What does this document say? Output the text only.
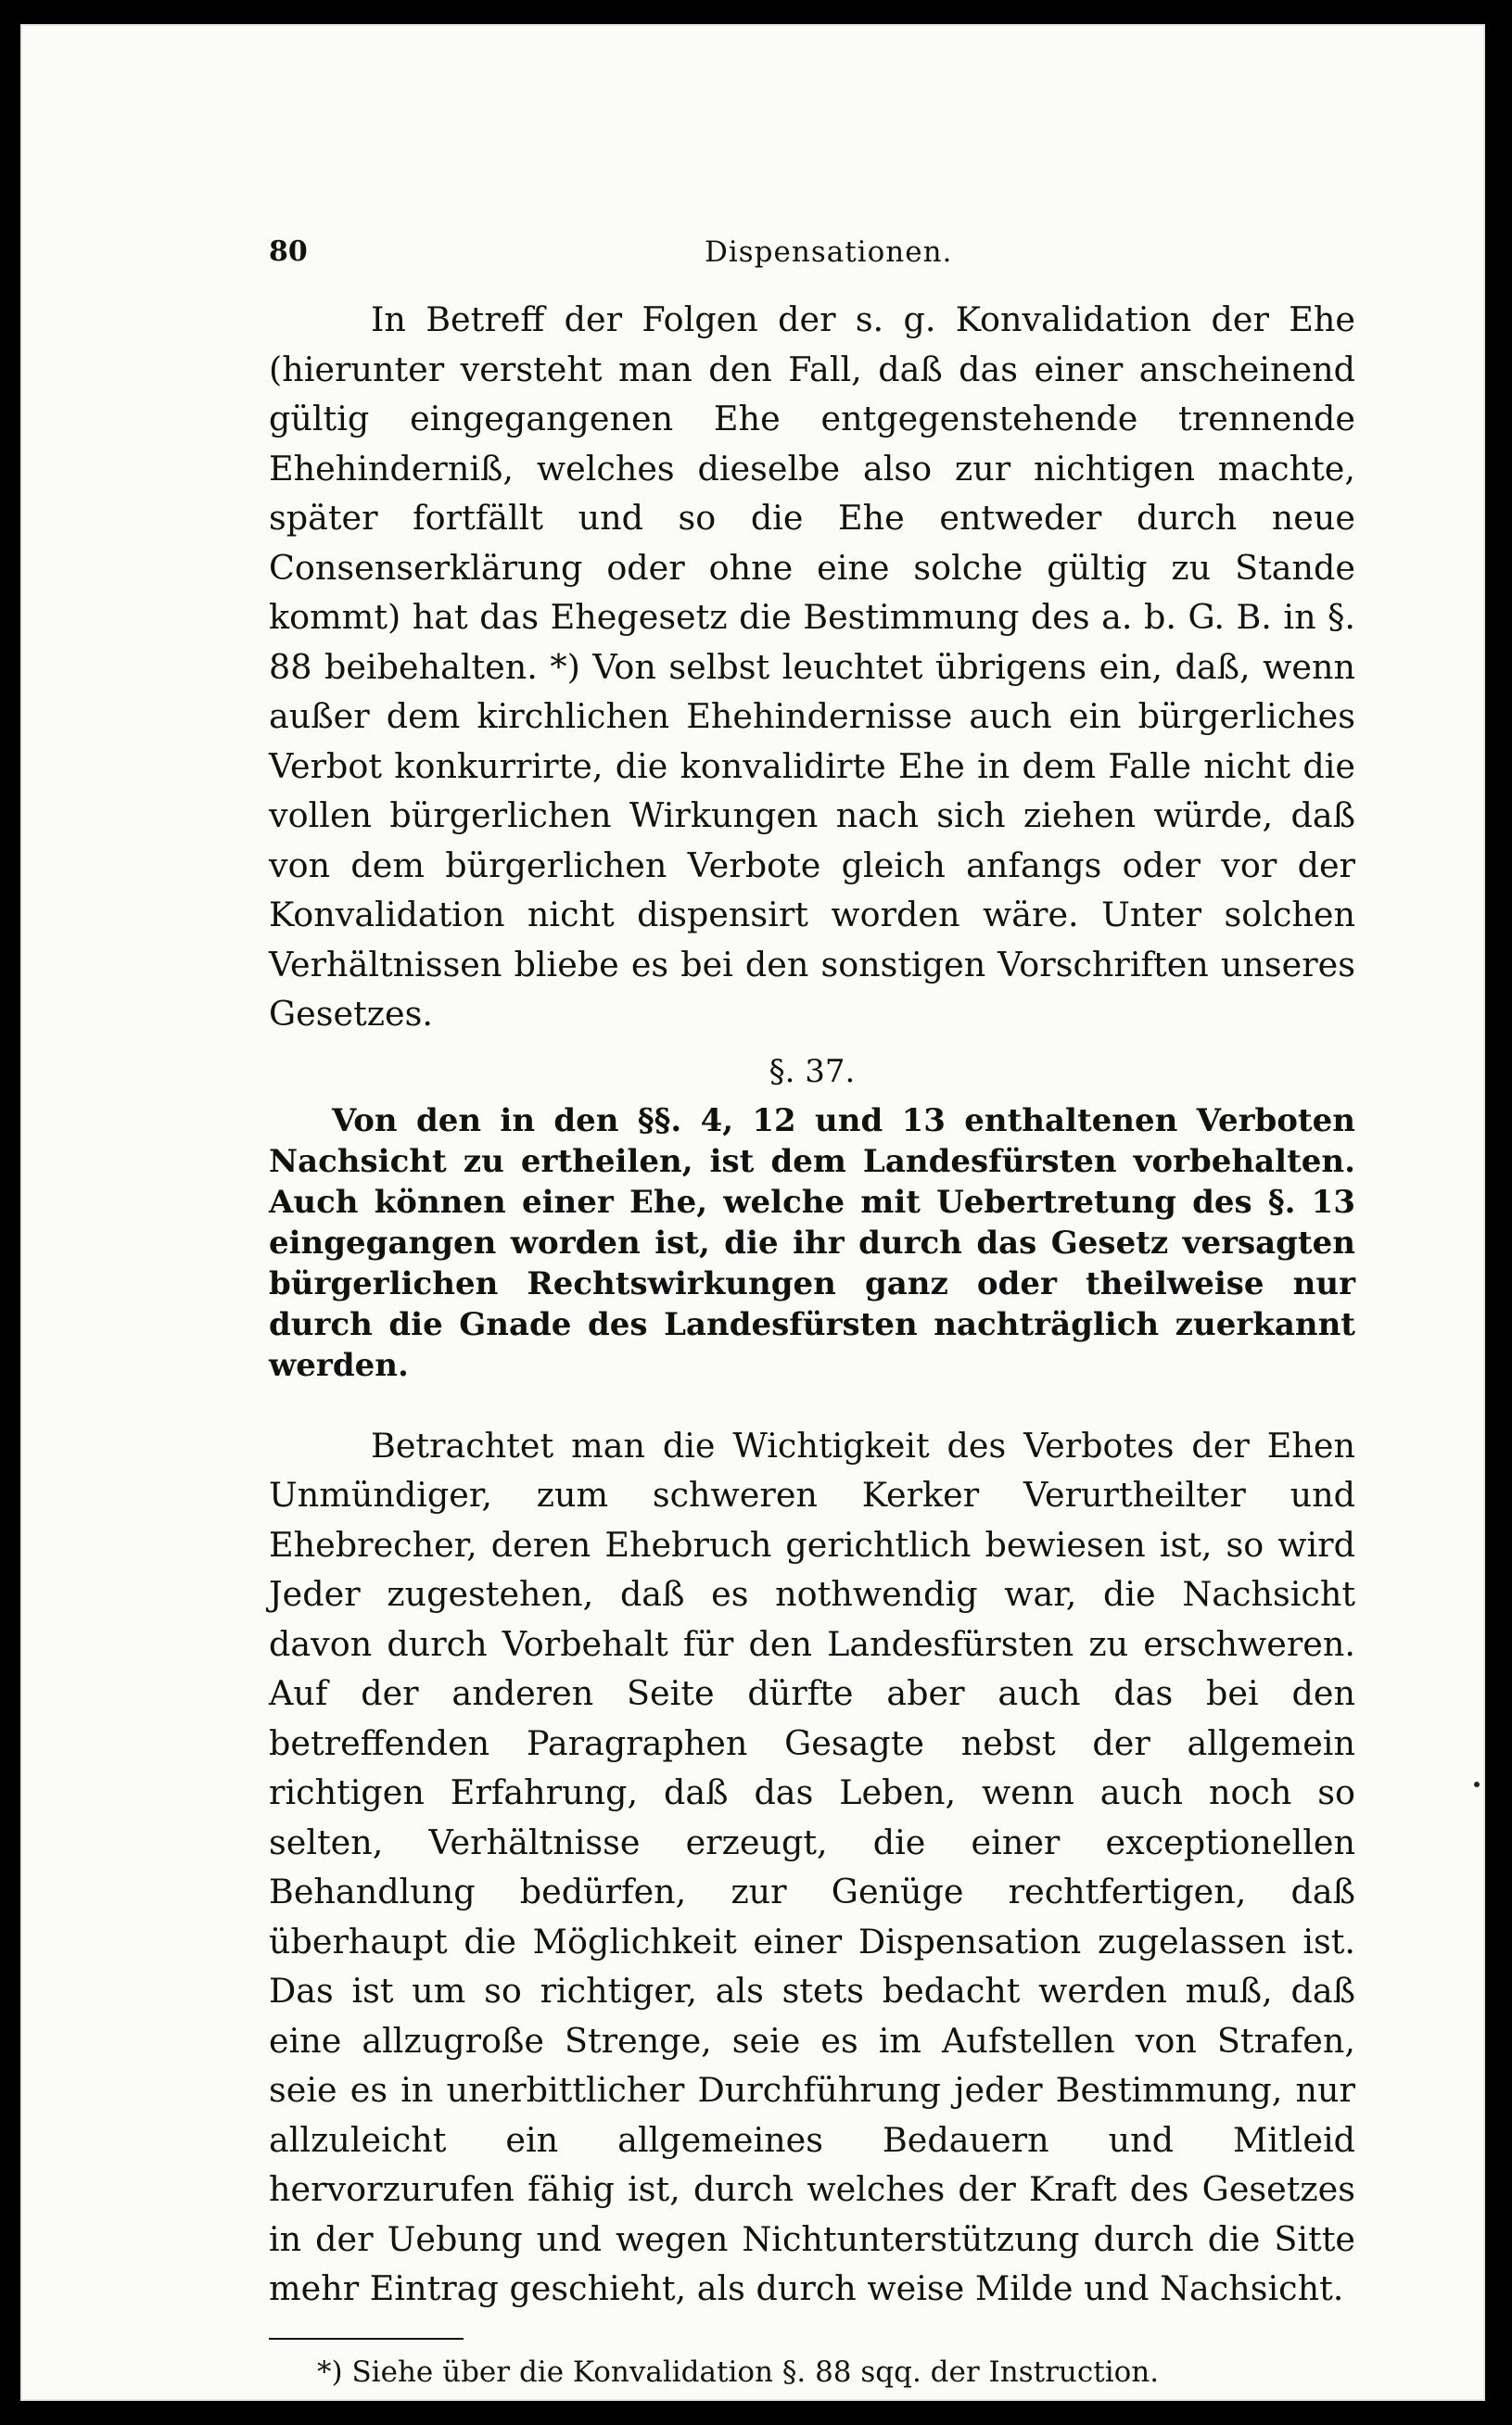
80	Dispensationen.

In Betreff der Folgen der s. g. Konvalidation der Ehe (hierunter versteht man den Fall, daß das einer anscheinend gültig eingegangenen Ehe entgegenstehende trennende Ehehinderniß, welches dieselbe also zur nichtigen machte, später fortfällt und so die Ehe entweder durch neue Consenserklärung oder ohne eine solche gültig zu Stande kommt) hat das Ehegesetz die Bestimmung des a. b. G. B. in §. 88 beibehalten. *) Von selbst leuchtet übrigens ein, daß, wenn außer dem kirchlichen Ehehindernisse auch ein bürgerliches Verbot konkurrirte, die konvalidirte Ehe in dem Falle nicht die vollen bürgerlichen Wirkungen nach sich ziehen würde, daß von dem bürgerlichen Verbote gleich anfangs oder vor der Konvalidation nicht dispensirt worden wäre. Unter solchen Verhältnissen bliebe es bei den sonstigen Vorschriften unseres Gesetzes.

§. 37.

Von den in den §§. 4, 12 und 13 enthaltenen Verboten Nachsicht zu ertheilen, ist dem Landesfürsten vorbehalten. Auch können einer Ehe, welche mit Uebertretung des §. 13 eingegangen worden ist, die ihr durch das Gesetz versagten bürgerlichen Rechtswirkungen ganz oder theilweise nur durch die Gnade des Landesfürsten nachträglich zuerkannt werden.

Betrachtet man die Wichtigkeit des Verbotes der Ehen Unmündiger, zum schweren Kerker Verurtheilter und Ehebrecher, deren Ehebruch gerichtlich bewiesen ist, so wird Jeder zugestehen, daß es nothwendig war, die Nachsicht davon durch Vorbehalt für den Landesfürsten zu erschweren. Auf der anderen Seite dürfte aber auch das bei den betreffenden Paragraphen Gesagte nebst der allgemein richtigen Erfahrung, daß das Leben, wenn auch noch so selten, Verhältnisse erzeugt, die einer exceptionellen Behandlung bedürfen, zur Genüge rechtfertigen, daß überhaupt die Möglichkeit einer Dispensation zugelassen ist. Das ist um so richtiger, als stets bedacht werden muß, daß eine allzugroße Strenge, seie es im Aufstellen von Strafen, seie es in unerbittlicher Durchführung jeder Bestimmung, nur allzuleicht ein allgemeines Bedauern und Mitleid hervorzurufen fähig ist, durch welches der Kraft des Gesetzes in der Uebung und wegen Nichtunterstützung durch die Sitte mehr Eintrag geschieht, als durch weise Milde und Nachsicht.

*) Siehe über die Konvalidation §. 88 sqq. der Instruction.
